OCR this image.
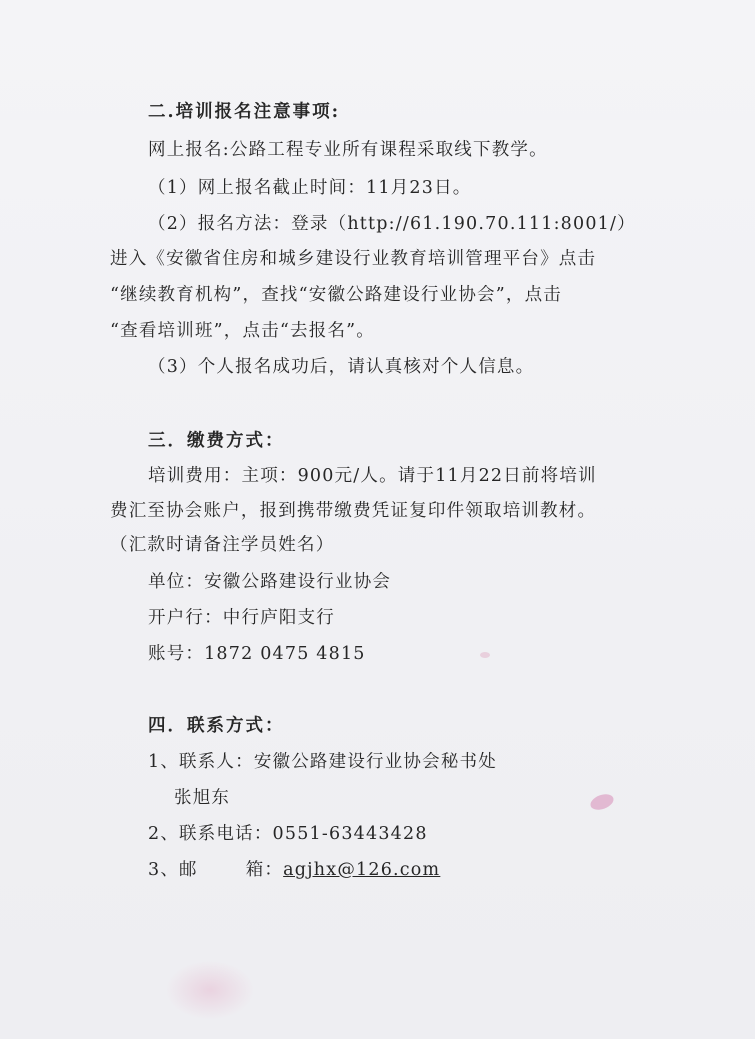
二.培训报名注意事项:
网上报名:公路工程专业所有课程采取线下教学。
（1）网上报名截止时间：11月23日。
（2）报名方法：登录（http://61.190.70.111:8001/）
进入《安徽省住房和城乡建设行业教育培训管理平台》点击
“继续教育机构”，查找“安徽公路建设行业协会”，点击
“查看培训班”，点击“去报名”。
（3）个人报名成功后，请认真核对个人信息。
三．缴费方式：
培训费用：主项：900元/人。请于11月22日前将培训
费汇至协会账户，报到携带缴费凭证复印件领取培训教材。
（汇款时请备注学员姓名）
单位：安徽公路建设行业协会
开户行：中行庐阳支行
账号：1872 0475 4815
四．联系方式：
1、联系人：安徽公路建设行业协会秘书处
张旭东
2、联系电话：0551-63443428
3、邮	箱：agjhx@126.com
